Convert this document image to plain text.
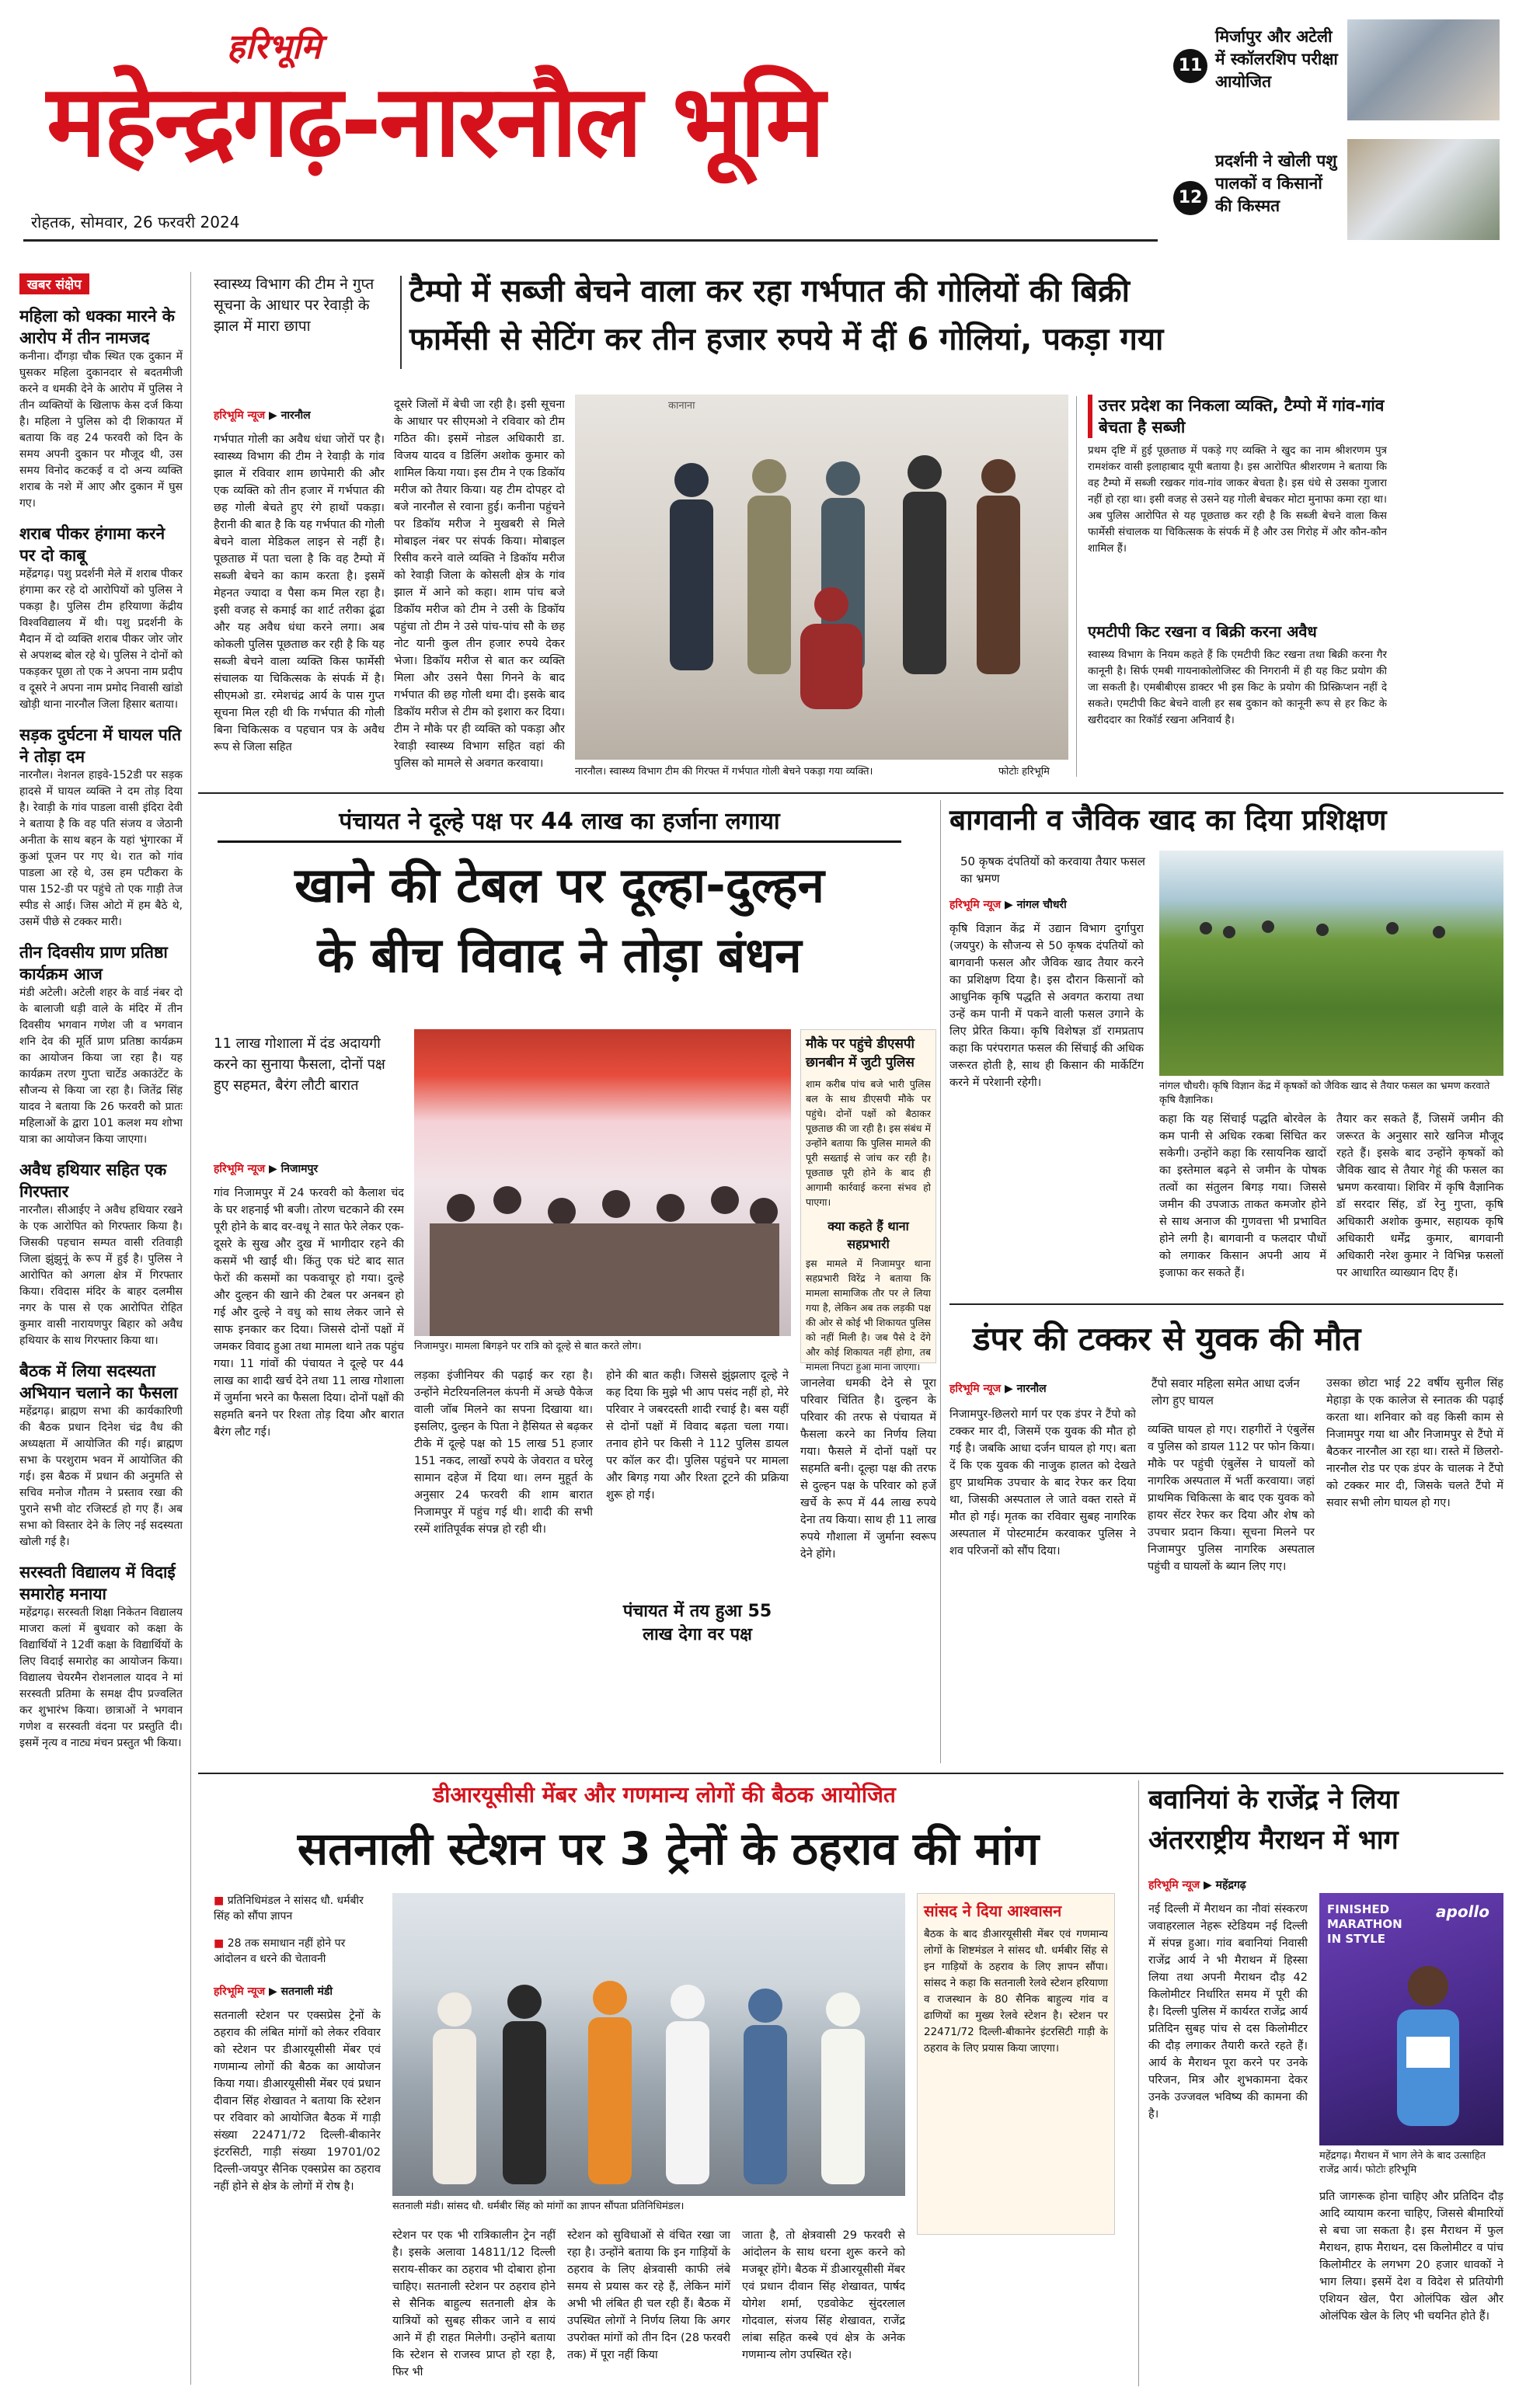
हरिभूमि
महेन्द्रगढ़-नारनौल भूमि
रोहतक, सोमवार, 26 फरवरी 2024
11
मिर्जापुर और अटेली में स्कॉलरशिप परीक्षा आयोजित
12
प्रदर्शनी ने खोली पशु पालकों व किसानों की किस्मत
खबर संक्षेप
महिला को धक्का मारने के आरोप में तीन नामजद
कनीना। दौंगड़ा चौक स्थित एक दुकान में घुसकर महिला दुकानदार से बदतमीजी करने व धमकी देने के आरोप में पुलिस ने तीन व्यक्तियों के खिलाफ केस दर्ज किया है। महिला ने पुलिस को दी शिकायत में बताया कि वह 24 फरवरी को दिन के समय अपनी दुकान पर मौजूद थी, उस समय विनोद कटकई व दो अन्य व्यक्ति शराब के नशे में आए और दुकान में घुस गए।
शराब पीकर हंगामा करने पर दो काबू
महेंद्रगढ़। पशु प्रदर्शनी मेले में शराब पीकर हंगामा कर रहे दो आरोपियों को पुलिस ने पकड़ा है। पुलिस टीम हरियाणा केंद्रीय विश्वविद्यालय में थी। पशु प्रदर्शनी के मैदान में दो व्यक्ति शराब पीकर जोर जोर से अपशब्द बोल रहे थे। पुलिस ने दोनों को पकड़कर पूछा तो एक ने अपना नाम प्रदीप व दूसरे ने अपना नाम प्रमोद निवासी खांडो खोड़ी थाना नारनौल जिला हिसार बताया।
सड़क दुर्घटना में घायल पति ने तोड़ा दम
नारनौल। नेशनल हाइवे-152डी पर सड़क हादसे में घायल व्यक्ति ने दम तोड़ दिया है। रेवाड़ी के गांव पाडला वासी इंदिरा देवी ने बताया है कि वह पति संजय व जेठानी अनीता के साथ बहन के यहां भुंगारका में कुआं पूजन पर गए थे। रात को गांव पाडला आ रहे थे, उस हम पटीकरा के पास 152-डी पर पहुंचे तो एक गाड़ी तेज स्पीड से आई। जिस ओटो में हम बैठे थे, उसमें पीछे से टक्कर मारी।
तीन दिवसीय प्राण प्रतिष्ठा कार्यक्रम आज
मंडी अटेली। अटेली शहर के वार्ड नंबर दो के बालाजी धड़ी वाले के मंदिर में तीन दिवसीय भगवान गणेश जी व भगवान शनि देव की मूर्ति प्राण प्रतिष्ठा कार्यक्रम का आयोजन किया जा रहा है। यह कार्यक्रम तरण गुप्ता चार्टेड अकाउंटेंट के सौजन्य से किया जा रहा है। जितेंद्र सिंह यादव ने बताया कि 26 फरवरी को प्रातः महिलाओं के द्वारा 101 कलश मय शोभा यात्रा का आयोजन किया जाएगा।
अवैध हथियार सहित एक गिरफ्तार
नारनौल। सीआईए ने अवैध हथियार रखने के एक आरोपित को गिरफ्तार किया है। जिसकी पहचान सम्पत वासी रतिवाड़ी जिला झुंझुनूं के रूप में हुई है। पुलिस ने आरोपित को अगला क्षेत्र में गिरफ्तार किया। रविदास मंदिर के बाहर दलमीस नगर के पास से एक आरोपित रोहित कुमार वासी नारायणपुर बिहार को अवैध हथियार के साथ गिरफ्तार किया था।
बैठक में लिया सदस्यता अभियान चलाने का फैसला
महेंद्रगढ़। ब्राह्मण सभा की कार्यकारिणी की बैठक प्रधान दिनेश चंद्र वैध की अध्यक्षता में आयोजित की गई। ब्राह्मण सभा के परशुराम भवन में आयोजित की गई। इस बैठक में प्रधान की अनुमति से सचिव मनोज गौतम ने प्रस्ताव रखा की पुराने सभी वोट रजिस्टर्ड हो गए हैं। अब सभा को विस्तार देने के लिए नई सदस्यता खोली गई है।
सरस्वती विद्यालय में विदाई समारोह मनाया
महेंद्रगढ़। सरस्वती शिक्षा निकेतन विद्यालय माजरा कलां में बुधवार को कक्षा के विद्यार्थियों ने 12वीं कक्षा के विद्यार्थियों के लिए विदाई समारोह का आयोजन किया। विद्यालय चेयरमैन रोशनलाल यादव ने मां सरस्वती प्रतिमा के समक्ष दीप प्रज्वलित कर शुभारंभ किया। छात्राओं ने भगवान गणेश व सरस्वती वंदना पर प्रस्तुति दी। इसमें नृत्य व नाट्य मंचन प्रस्तुत भी किया।
स्वास्थ्य विभाग की टीम ने गुप्त सूचना के आधार पर रेवाड़ी के झाल में मारा छापा
टैम्पो में सब्जी बेचने वाला कर रहा गर्भपात की गोलियों की बिक्री
फार्मेसी से सेटिंग कर तीन हजार रुपये में दीं 6 गोलियां, पकड़ा गया
हरिभूमि न्यूज ▶ नारनौल
गर्भपात गोली का अवैध धंधा जोरों पर है। स्वास्थ्य विभाग की टीम ने रेवाड़ी के गांव झाल में रविवार शाम छापेमारी की और एक व्यक्ति को तीन हजार में गर्भपात की छह गोली बेचते हुए रंगे हाथों पकड़ा। हैरानी की बात है कि यह गर्भपात की गोली बेचने वाला मेडिकल लाइन से नहीं है। पूछताछ में पता चला है कि वह टैम्पो में सब्जी बेचने का काम करता है। इसमें मेहनत ज्यादा व पैसा कम मिल रहा है। इसी वजह से कमाई का शार्ट तरीका ढूंढा और यह अवैध धंधा करने लगा। अब कोकली पुलिस पूछताछ कर रही है कि यह सब्जी बेचने वाला व्यक्ति किस फार्मेसी संचालक या चिकित्सक के संपर्क में है। सीएमओ डा. रमेशचंद्र आर्य के पास गुप्त सूचना मिल रही थी कि गर्भपात की गोली बिना चिकित्सक व पहचान पत्र के अवैध रूप से जिला सहित
दूसरे जिलों में बेची जा रही है। इसी सूचना के आधार पर सीएमओ ने रविवार को टीम गठित की। इसमें नोडल अधिकारी डा. विजय यादव व डिलिंग अशोक कुमार को शामिल किया गया। इस टीम ने एक डिकॉय मरीज को तैयार किया। यह टीम दोपहर दो बजे नारनौल से रवाना हुई। कनीना पहुंचने पर डिकॉय मरीज ने मुखबरी से मिले मोबाइल नंबर पर संपर्क किया। मोबाइल रिसीव करने वाले व्यक्ति ने डिकॉय मरीज को रेवाड़ी जिला के कोसली क्षेत्र के गांव झाल में आने को कहा। शाम पांच बजे डिकॉय मरीज को टीम ने उसी के डिकॉय पहुंचा तो टीम ने उसे पांच-पांच सौ के छह नोट यानी कुल तीन हजार रुपये देकर भेजा। डिकॉय मरीज से बात कर व्यक्ति मिला और उसने पैसा गिनने के बाद गर्भपात की छह गोली थमा दी। इसके बाद डिकॉय मरीज से टीम को इशारा कर दिया। टीम ने मौके पर ही व्यक्ति को पकड़ा और रेवाड़ी स्वास्थ्य विभाग सहित वहां की पुलिस को मामले से अवगत करवाया।
कानाना
नारनौल। स्वास्थ्य विभाग टीम की गिरफ्त में गर्भपात गोली बेचने पकड़ा गया व्यक्ति।	फोटोः हरिभूमि
उत्तर प्रदेश का निकला व्यक्ति, टैम्पो में गांव-गांव बेचता है सब्जी
प्रथम दृष्टि में हुई पूछताछ में पकड़े गए व्यक्ति ने खुद का नाम श्रीशरणम पुत्र रामशंकर वासी इलाहाबाद यूपी बताया है। इस आरोपित श्रीशरणम ने बताया कि वह टैम्पो में सब्जी रखकर गांव-गांव जाकर बेचता है। इस धंधे से उसका गुजारा नहीं हो रहा था। इसी वजह से उसने यह गोली बेचकर मोटा मुनाफा कमा रहा था। अब पुलिस आरोपित से यह पूछताछ कर रही है कि सब्जी बेचने वाला किस फार्मेसी संचालक या चिकित्सक के संपर्क में है और उस गिरोह में और कौन-कौन शामिल हैं।
एमटीपी किट रखना व बिक्री करना अवैध
स्वास्थ्य विभाग के नियम कहते हैं कि एमटीपी किट रखना तथा बिक्री करना गैर कानूनी है। सिर्फ एमबी गायनाकोलोजिस्ट की निगरानी में ही यह किट प्रयोग की जा सकती है। एमबीबीएस डाक्टर भी इस किट के प्रयोग की प्रिस्क्रिप्शन नहीं दे सकते। एमटीपी किट बेचने वाली हर सब दुकान को कानूनी रूप से हर किट के खरीददार का रिकॉर्ड रखना अनिवार्य है।
पंचायत ने दूल्हे पक्ष पर 44 लाख का हर्जाना लगाया
खाने की टेबल पर दूल्हा-दुल्हन
के बीच विवाद ने तोड़ा बंधन
11 लाख गोशाला में दंड अदायगी करने का सुनाया फैसला, दोनों पक्ष हुए सहमत, बैरंग लौटी बारात
हरिभूमि न्यूज ▶ निजामपुर
गांव निजामपुर में 24 फरवरी को कैलाश चंद के घर शहनाई भी बजी। तोरण चटकाने की रस्म पूरी होने के बाद वर-वधू ने सात फेरे लेकर एक-दूसरे के सुख और दुख में भागीदार रहने की कसमें भी खाईं थी। किंतु एक घंटे बाद सात फेरों की कसमों का पकवाचूर हो गया। दुल्हे और दुल्हन की खाने की टेबल पर अनबन हो गई और दुल्हे ने वधु को साथ लेकर जाने से साफ इनकार कर दिया। जिससे दोनों पक्षों में जमकर विवाद हुआ तथा मामला थाने तक पहुंच गया। 11 गांवों की पंचायत ने दूल्हे पर 44 लाख का शादी खर्च देने तथा 11 लाख गोशाला में जुर्माना भरने का फैसला दिया। दोनों पक्षों की सहमति बनने पर रिश्ता तोड़ दिया और बारात बैरंग लौट गई।
निजामपुर। मामला बिगड़ने पर रात्रि को दूल्हे से बात करते लोग।
मौके पर पहुंचे डीएसपी छानबीन में जुटी पुलिस
शाम करीब पांच बजे भारी पुलिस बल के साथ डीएसपी मौके पर पहुंचे। दोनों पक्षों को बैठाकर पूछताछ की जा रही है। इस संबंध में उन्होंने बताया कि पुलिस मामले की पूरी सख्ताई से जांच कर रही है। पूछताछ पूरी होने के बाद ही आगामी कार्रवाई करना संभव हो पाएगा।
क्या कहते हैं थाना सहप्रभारी
इस मामले में निजामपुर थाना सहप्रभारी विरेंद्र ने बताया कि मामला सामाजिक तौर पर ले लिया गया है, लेकिन अब तक लड़की पक्ष की ओर से कोई भी शिकायत पुलिस को नहीं मिली है। जब पैसे दे देंगे और कोई शिकायत नहीं होगा, तब मामला निपटा हुआ माना जाएगा।
लड़का इंजीनियर की पढ़ाई कर रहा है। उन्होंने मेटरियनलिनल कंपनी में अच्छे पैकेज वाली जॉब मिलने का सपना दिखाया था। इसलिए, दुल्हन के पिता ने हैसियत से बढ़कर टीके में दूल्हे पक्ष को 15 लाख 51 हजार 151 नकद, लाखों रुपये के जेवरात व घरेलू सामान दहेज में दिया था। लग्न मुहूर्त के अनुसार 24 फरवरी की शाम बारात निजामपुर में पहुंच गई थी। शादी की सभी रस्में शांतिपूर्वक संपन्न हो रही थी।
होने की बात कही। जिससे झुंझलाए दूल्हे ने कह दिया कि मुझे भी आप पसंद नहीं हो, मेरे परिवार ने जबरदस्ती शादी रचाई है। बस यहीं से दोनों पक्षों में विवाद बढ़ता चला गया। तनाव होने पर किसी ने 112 पुलिस डायल पर कॉल कर दी। पुलिस पहुंचने पर मामला और बिगड़ गया और रिश्ता टूटने की प्रक्रिया शुरू हो गई।
पंचायत में तय हुआ 55 लाख देगा वर पक्ष
जानलेवा धमकी देने से पूरा परिवार चिंतित है। दुल्हन के परिवार की तरफ से पंचायत में फैसला करने का निर्णय लिया गया। फैसले में दोनों पक्षों पर सहमति बनी। दूल्हा पक्ष की तरफ से दुल्हन पक्ष के परिवार को हर्जे खर्चे के रूप में 44 लाख रुपये देना तय किया। साथ ही 11 लाख रुपये गौशाला में जुर्माना स्वरूप देने होंगे।
बागवानी व जैविक खाद का दिया प्रशिक्षण
50 कृषक दंपतियों को करवाया तैयार फसल का भ्रमण
हरिभूमि न्यूज ▶ नांगल चौधरी
कृषि विज्ञान केंद्र में उद्यान विभाग दुर्गापुरा (जयपुर) के सौजन्य से 50 कृषक दंपतियों को बागवानी फसल और जैविक खाद तैयार करने का प्रशिक्षण दिया है। इस दौरान किसानों को आधुनिक कृषि पद्धति से अवगत कराया तथा उन्हें कम पानी में पकने वाली फसल उगाने के लिए प्रेरित किया। कृषि विशेषज्ञ डॉ रामप्रताप कहा कि परंपरागत फसल की सिंचाई की अधिक जरूरत होती है, साथ ही किसान की मार्केटिंग करने में परेशानी रहेगी।	नांगल चौधरी। कृषि विज्ञान केंद्र में कृषकों को जैविक खाद से तैयार फसल का भ्रमण करवाते कृषि वैज्ञानिक।
कहा कि यह सिंचाई पद्धति बोरवेल के कम पानी से अधिक रकबा सिंचित कर सकेगी। उन्होंने कहा कि रसायनिक खादों का इस्तेमाल बढ़ने से जमीन के पोषक तत्वों का संतुलन बिगड़ गया। जिससे जमीन की उपजाऊ ताकत कमजोर होने से साथ अनाज की गुणवत्ता भी प्रभावित होने लगी है। बागवानी व फलदार पौधों को लगाकर किसान अपनी आय में इजाफा कर सकते हैं।
तैयार कर सकते हैं, जिसमें जमीन की जरूरत के अनुसार सारे खनिज मौजूद रहते हैं। इसके बाद उन्होंने कृषकों को जैविक खाद से तैयार गेहूं की फसल का भ्रमण करवाया। शिविर में कृषि वैज्ञानिक डॉ सरदार सिंह, डॉ रेनु गुप्ता, कृषि अधिकारी अशोक कुमार, सहायक कृषि अधिकारी धर्मेंद्र कुमार, बागवानी अधिकारी नरेश कुमार ने विभिन्न फसलों पर आधारित व्याख्यान दिए हैं।
डंपर की टक्कर से युवक की मौत
हरिभूमि न्यूज ▶ नारनौल	टैंपो सवार महिला समेत आधा दर्जन लोग हुए घायल
निजामपुर-छिलरो मार्ग पर एक डंपर ने टैंपो को टक्कर मार दी, जिसमें एक युवक की मौत हो गई है। जबकि आधा दर्जन घायल हो गए। बता दें कि एक युवक की नाजुक हालत को देखते हुए प्राथमिक उपचार के बाद रेफर कर दिया था, जिसकी अस्पताल ले जाते वक्त रास्ते में मौत हो गई। मृतक का रविवार सुबह नागरिक अस्पताल में पोस्टमार्टम करवाकर पुलिस ने शव परिजनों को सौंप दिया।
व्यक्ति घायल हो गए। राहगीरों ने एंबुलेंस व पुलिस को डायल 112 पर फोन किया। मौके पर पहुंची एंबुलेंस ने घायलों को नागरिक अस्पताल में भर्ती करवाया। जहां प्राथमिक चिकित्सा के बाद एक युवक को हायर सेंटर रेफर कर दिया और शेष को उपचार प्रदान किया। सूचना मिलने पर निजामपुर पुलिस नागरिक अस्पताल पहुंची व घायलों के ब्यान लिए गए।
उसका छोटा भाई 22 वर्षीय सुनील सिंह मेहाड़ा के एक कालेज से स्नातक की पढ़ाई करता था। शनिवार को वह किसी काम से निजामपुर गया था और निजामपुर से टैंपो में बैठकर नारनौल आ रहा था। रास्ते में छिलरो-नारनौल रोड पर एक डंपर के चालक ने टैंपो को टक्कर मार दी, जिसके चलते टैंपो में सवार सभी लोग घायल हो गए।
डीआरयूसीसी मेंबर और गणमान्य लोगों की बैठक आयोजित
सतनाली स्टेशन पर 3 ट्रेनों के ठहराव की मांग
■ प्रतिनिधिमंडल ने सांसद धौ. धर्मबीर सिंह को सौंपा ज्ञापन
■ 28 तक समाधान नहीं होने पर आंदोलन व धरने की चेतावनी
हरिभूमि न्यूज ▶ सतनाली मंडी
सतनाली स्टेशन पर एक्सप्रेस ट्रेनों के ठहराव की लंबित मांगों को लेकर रविवार को स्टेशन पर डीआरयूसीसी मेंबर एवं गणमान्य लोगों की बैठक का आयोजन किया गया। डीआरयूसीसी मेंबर एवं प्रधान दीवान सिंह शेखावत ने बताया कि स्टेशन पर रविवार को आयोजित बैठक में गाड़ी संख्या 22471/72 दिल्ली-बीकानेर इंटरसिटी, गाड़ी संख्या 19701/02 दिल्ली-जयपुर सैनिक एक्सप्रेस का ठहराव नहीं होने से क्षेत्र के लोगों में रोष है।
सतनाली मंडी। सांसद धौ. धर्मबीर सिंह को मांगों का ज्ञापन सौंपता प्रतिनिधिमंडल।
सांसद ने दिया आश्वासन
बैठक के बाद डीआरयूसीसी मेंबर एवं गणमान्य लोगों के शिष्टमंडल ने सांसद धौ. धर्मबीर सिंह से इन गाड़ियों के ठहराव के लिए ज्ञापन सौंपा। सांसद ने कहा कि सतनाली रेलवे स्टेशन हरियाणा व राजस्थान के 80 सैनिक बाहुल्य गांव व ढाणियों का मुख्य रेलवे स्टेशन है। स्टेशन पर 22471/72 दिल्ली-बीकानेर इंटरसिटी गाड़ी के ठहराव के लिए प्रयास किया जाएगा।
स्टेशन पर एक भी रात्रिकालीन ट्रेन नहीं है। इसके अलावा 14811/12 दिल्ली सराय-सीकर का ठहराव भी दोबारा होना चाहिए। सतनाली स्टेशन पर ठहराव होने से सैनिक बाहुल्य सतनाली क्षेत्र के यात्रियों को सुबह सीकर जाने व सायं आने में ही राहत मिलेगी। उन्होंने बताया कि स्टेशन से राजस्व प्राप्त हो रहा है, फिर भी
स्टेशन को सुविधाओं से वंचित रखा जा रहा है। उन्होंने बताया कि इन गाड़ियों के ठहराव के लिए क्षेत्रवासी काफी लंबे समय से प्रयास कर रहे हैं, लेकिन मांगें अभी भी लंबित ही चल रही हैं। बैठक में उपस्थित लोगों ने निर्णय लिया कि अगर उपरोक्त मांगों को तीन दिन (28 फरवरी तक) में पूरा नहीं किया
जाता है, तो क्षेत्रवासी 29 फरवरी से आंदोलन के साथ धरना शुरू करने को मजबूर होंगे। बैठक में डीआरयूसीसी मेंबर एवं प्रधान दीवान सिंह शेखावत, पार्षद योगेश शर्मा, एडवोकेट सुंदरलाल गोदवाल, संजय सिंह शेखावत, राजेंद्र लांबा सहित कस्बे एवं क्षेत्र के अनेक गणमान्य लोग उपस्थित रहे।
बवानियां के राजेंद्र ने लिया
अंतरराष्ट्रीय मैराथन में भाग
हरिभूमि न्यूज ▶ महेंद्रगढ़
नई दिल्ली में मैराथन का नौवां संस्करण जवाहरलाल नेहरू स्टेडियम नई दिल्ली में संपन्न हुआ। गांव बवानियां निवासी राजेंद्र आर्य ने भी मैराथन में हिस्सा लिया तथा अपनी मैराथन दौड़ 42 किलोमीटर निर्धारित समय में पूरी की है। दिल्ली पुलिस में कार्यरत राजेंद्र आर्य प्रतिदिन सुबह पांच से दस किलोमीटर की दौड़ लगाकर तैयारी करते रहते हैं। आर्य के मैराथन पूरा करने पर उनके परिजन, मित्र और शुभकामना देकर उनके उज्जवल भविष्य की कामना की है।
FINISHED
MARATHON
IN STYLE
apollo
महेंद्रगढ़। मैराथन में भाग लेने के बाद उत्साहित राजेंद्र आर्य। फोटोः हरिभूमि
प्रति जागरूक होना चाहिए और प्रतिदिन दौड़ आदि व्यायाम करना चाहिए, जिससे बीमारियों से बचा जा सकता है। इस मैराथन में फुल मैराथन, हाफ मैराथन, दस किलोमीटर व पांच किलोमीटर के लगभग 20 हजार धावकों ने भाग लिया। इसमें देश व विदेश से प्रतियोगी एशियन खेल, पैरा ओलंपिक खेल और ओलंपिक खेल के लिए भी चयनित होते हैं।
